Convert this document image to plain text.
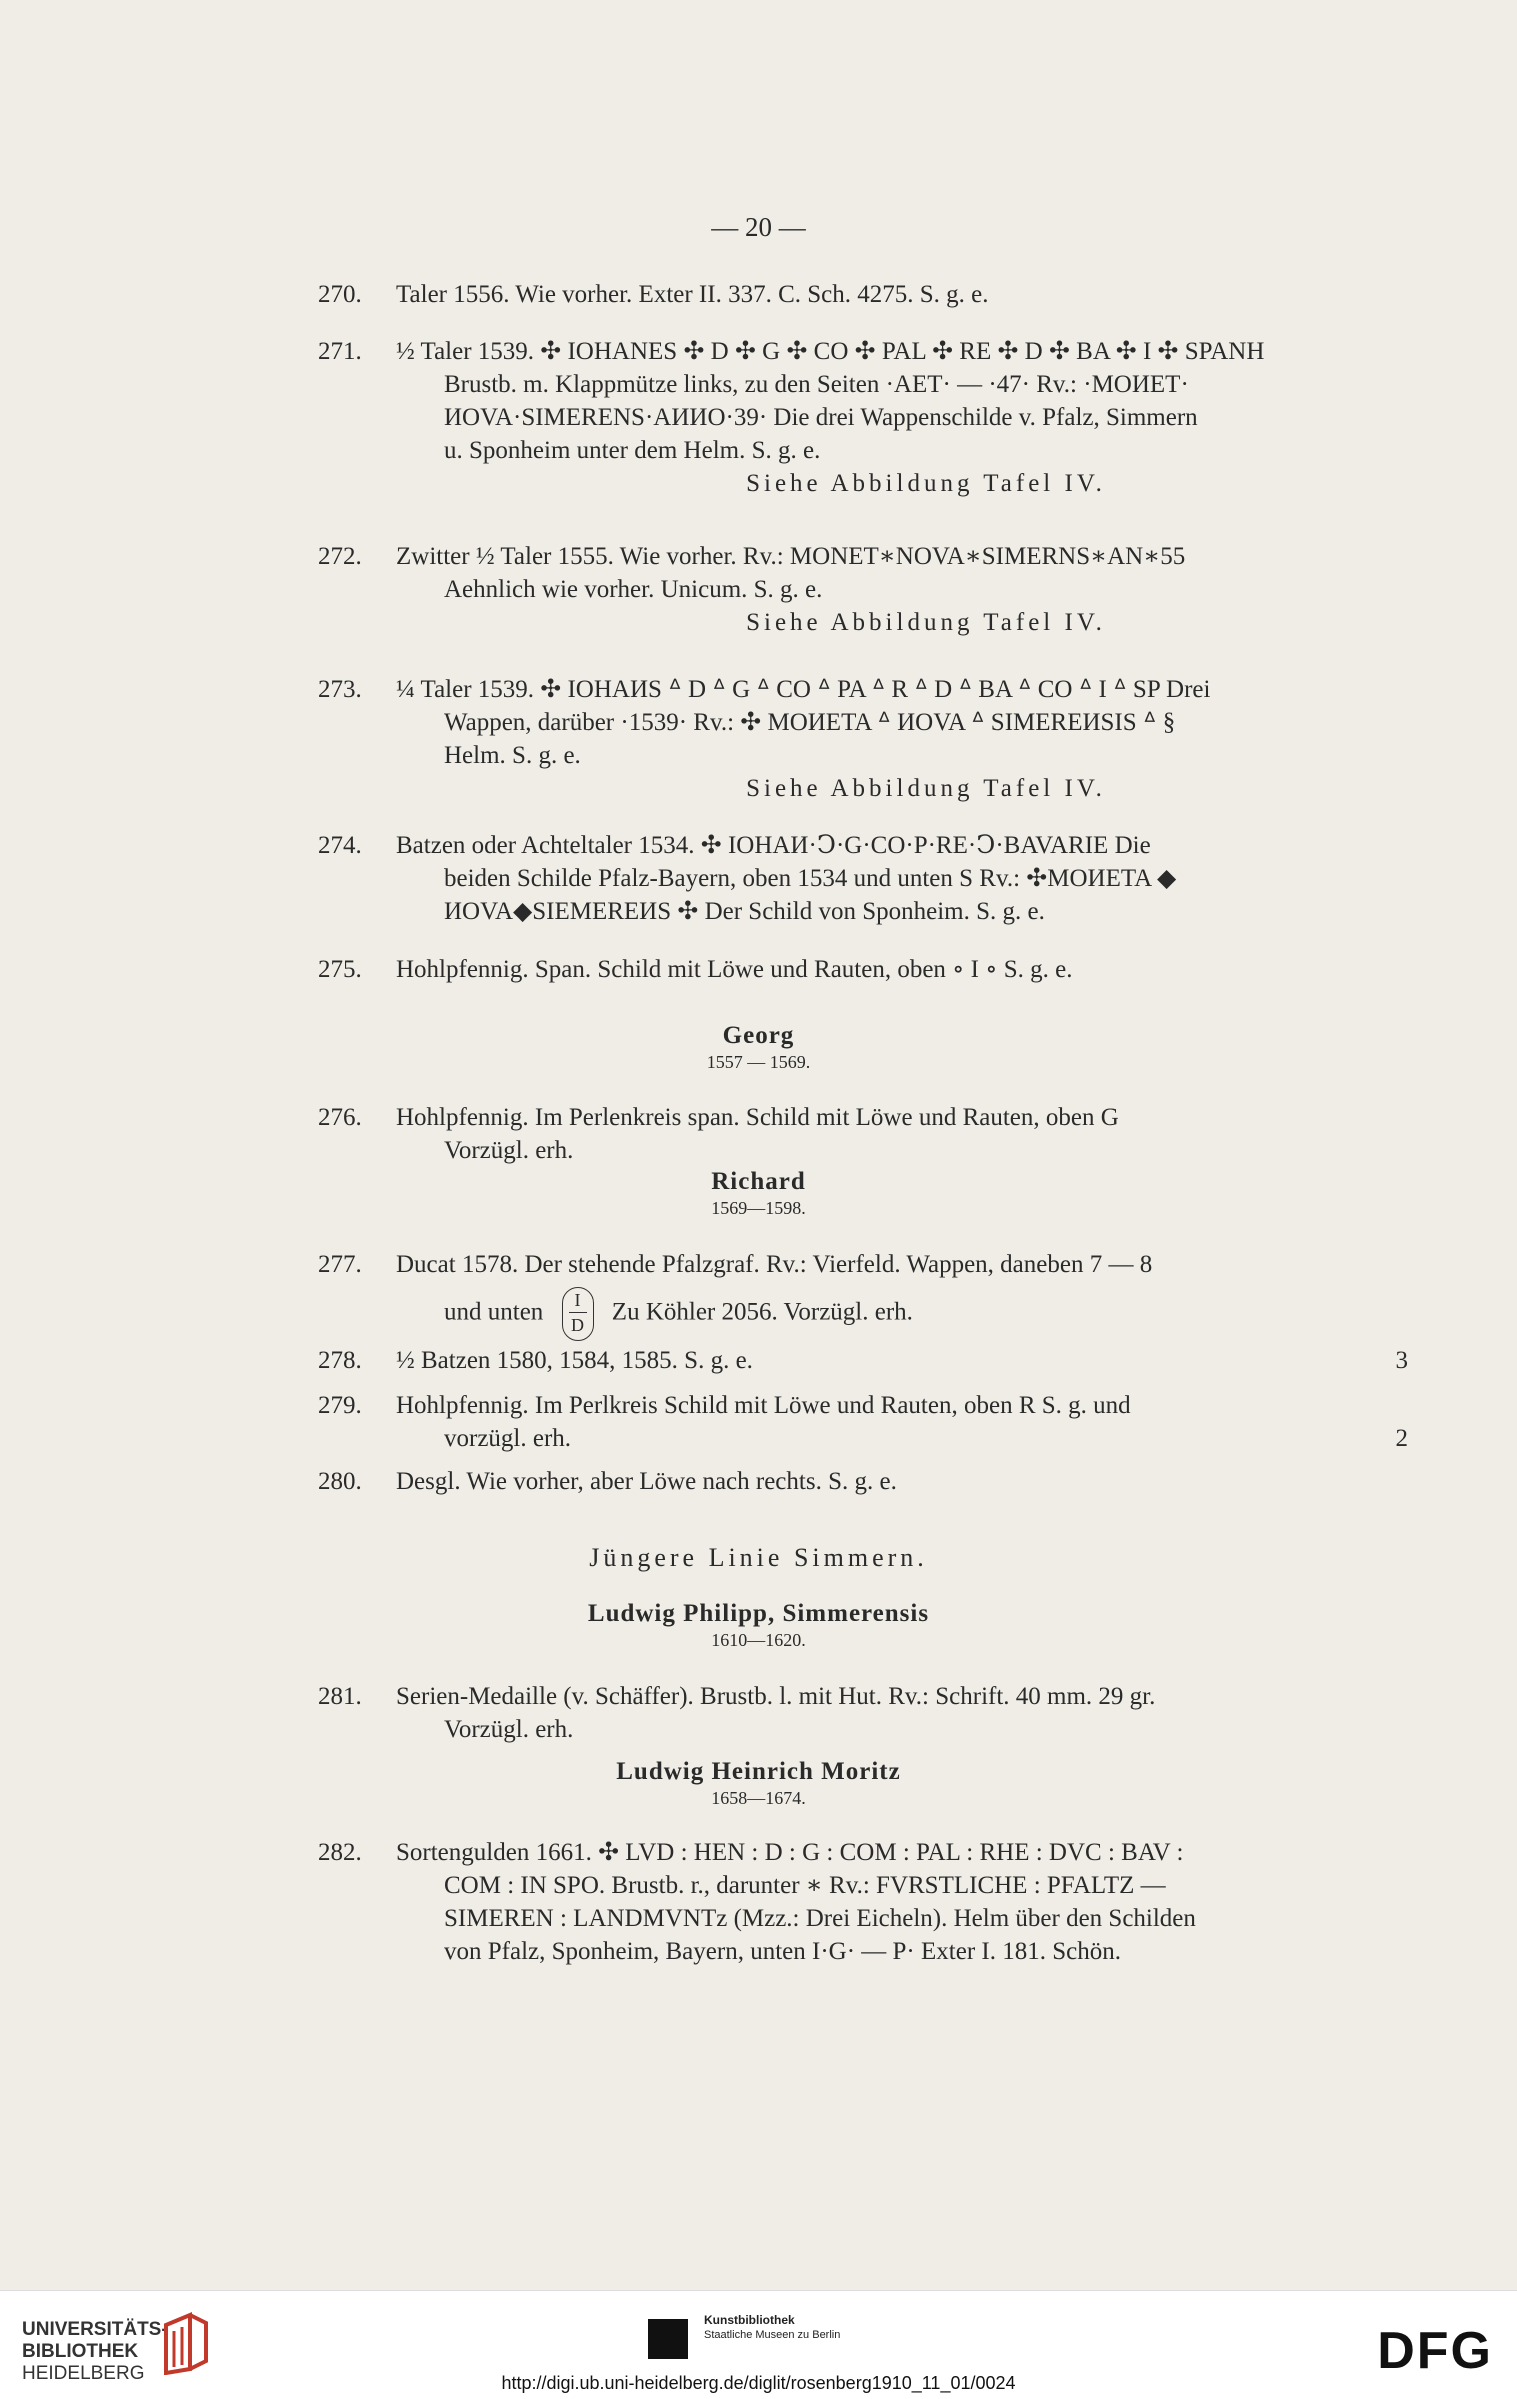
— 20 —
270. Taler 1556. Wie vorher. Exter II. 337. C. Sch. 4275. S. g. e.
271. ½ Taler 1539. ✣ IOHANES ✣ D ✣ G ✣ CO ✣ PAL ✣ RE ✣ D ✣ BA ✣ I ✣ SPANH
Brustb. m. Klappmütze links, zu den Seiten ·AET· — ·47· Rv.: ·MOИET·
ИOVA·SIMERENS·AИИO·39· Die drei Wappenschilde v. Pfalz, Simmern
u. Sponheim unter dem Helm. S. g. e.
Siehe Abbildung Tafel IV.
272. Zwitter ½ Taler 1555. Wie vorher. Rv.: MONET∗NOVA∗SIMERNS∗AN∗55
Aehnlich wie vorher. Unicum. S. g. e.
Siehe Abbildung Tafel IV.
273. ¼ Taler 1539. ✣ IOHAИS ᐞ D ᐞ G ᐞ CO ᐞ PA ᐞ R ᐞ D ᐞ BA ᐞ CO ᐞ I ᐞ SP Drei
Wappen, darüber ·1539· Rv.: ✣ MOИETA ᐞ ИOVA ᐞ SIMEREИSIS ᐞ §
Helm. S. g. e.
Siehe Abbildung Tafel IV.
274. Batzen oder Achteltaler 1534. ✣ IOHAИ·Ↄ·G·CO·P·RE·Ↄ·BAVARIE Die
beiden Schilde Pfalz-Bayern, oben 1534 und unten S Rv.: ✣MOИETA ◆
ИOVA◆SIEMEREИS ✣ Der Schild von Sponheim. S. g. e.
275. Hohlpfennig. Span. Schild mit Löwe und Rauten, oben ∘ I ∘ S. g. e.
Georg
1557 — 1569.
276. Hohlpfennig. Im Perlenkreis span. Schild mit Löwe und Rauten, oben G
Vorzügl. erh.
Richard
1569—1598.
277. Ducat 1578. Der stehende Pfalzgraf. Rv.: Vierfeld. Wappen, daneben 7 — 8
und unten $\frac{I}{D}$ Zu Köhler 2056. Vorzügl. erh.
278. ½ Batzen 1580, 1584, 1585. S. g. e.	3
279. Hohlpfennig. Im Perlkreis Schild mit Löwe und Rauten, oben R S. g. und
vorzügl. erh.	2
280. Desgl. Wie vorher, aber Löwe nach rechts. S. g. e.
Jüngere Linie Simmern.
Ludwig Philipp, Simmerensis
1610—1620.
281. Serien-Medaille (v. Schäffer). Brustb. l. mit Hut. Rv.: Schrift. 40 mm. 29 gr.
Vorzügl. erh.
Ludwig Heinrich Moritz
1658—1674.
282. Sortengulden 1661. ✣ LVD : HEN : D : G : COM : PAL : RHE : DVC : BAV :
COM : IN SPO. Brustb. r., darunter ∗ Rv.: FVRSTLICHE : PFALTZ —
SIMEREN : LANDMVNTz (Mzz.: Drei Eicheln). Helm über den Schilden
von Pfalz, Sponheim, Bayern, unten I·G· — P· Exter I. 181. Schön.
UNIVERSITÄTS-
BIBLIOTHEK
HEIDELBERG
Kunstbibliothek
Staatliche Museen zu Berlin	DFG
http://digi.ub.uni-heidelberg.de/diglit/rosenberg1910_11_01/0024
